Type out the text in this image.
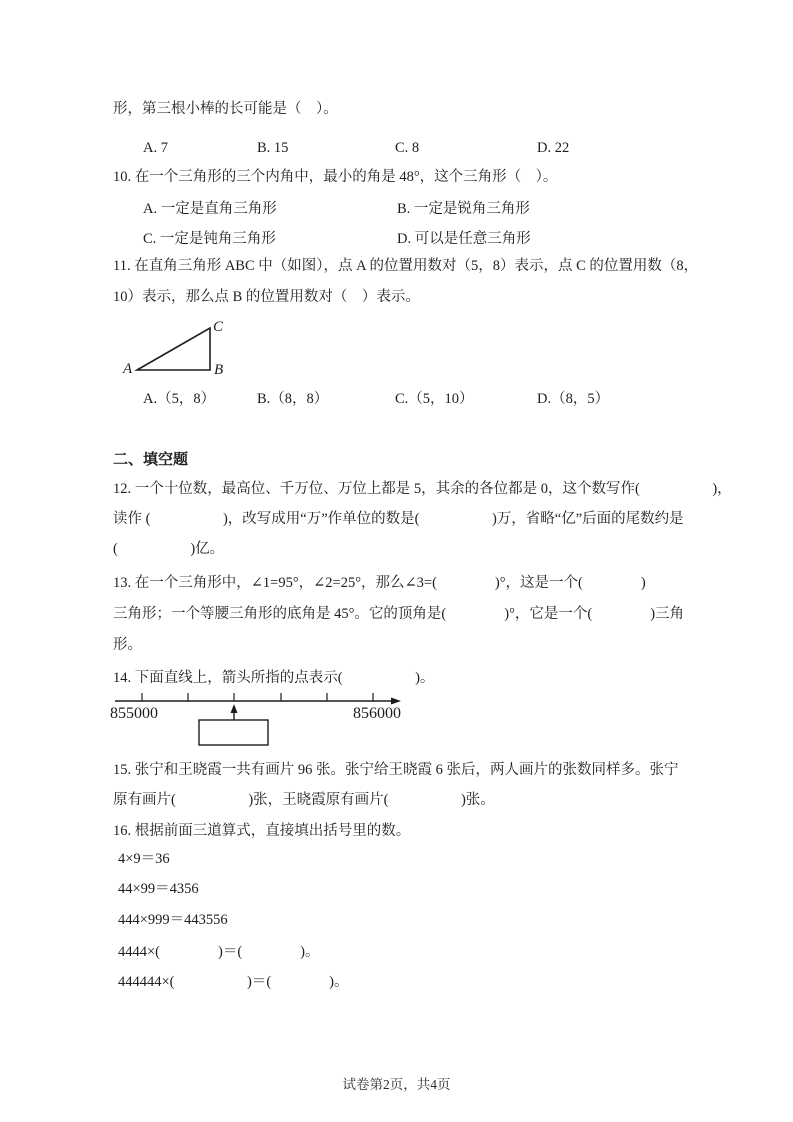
形，第三根小棒的长可能是（　）。
A. 7	B. 15	C. 8	D. 22
10. 在一个三角形的三个内角中，最小的角是 48°，这个三角形（　）。
A. 一定是直角三角形	B. 一定是锐角三角形
C. 一定是钝角三角形	D. 可以是任意三角形
11. 在直角三角形 ABC 中（如图），点 A 的位置用数对（5，8）表示，点 C 的位置用数（8，
10）表示，那么点 B 的位置用数对（　）表示。
A	B
C
A.（5，8）	B.（8，8）	C.（5，10）	D.（8，5）
二、填空题
12. 一个十位数，最高位、千万位、万位上都是 5，其余的各位都是 0，这个数写作(　　　　　)，
读作 (　　　　　)，改写成用“万”作单位的数是(　　　　　)万，省略“亿”后面的尾数约是
(　　　　　)亿。
13. 在一个三角形中，∠1=95°，∠2=25°，那么∠3=(　　　　)°，这是一个(　　　　)
三角形；一个等腰三角形的底角是 45°。它的顶角是(　　　　)°，它是一个(　　　　)三角
形。
14. 下面直线上，箭头所指的点表示(　　　　　)。
855000	856000
15. 张宁和王晓霞一共有画片 96 张。张宁给王晓霞 6 张后，两人画片的张数同样多。张宁
原有画片(　　　　　)张，王晓霞原有画片(　　　　　)张。
16. 根据前面三道算式，直接填出括号里的数。
4×9＝36
44×99＝4356
444×999＝443556
4444×(　　　　)＝(　　　　)。
444444×(　　　　　)＝(　　　　)。
试卷第2页，共4页
